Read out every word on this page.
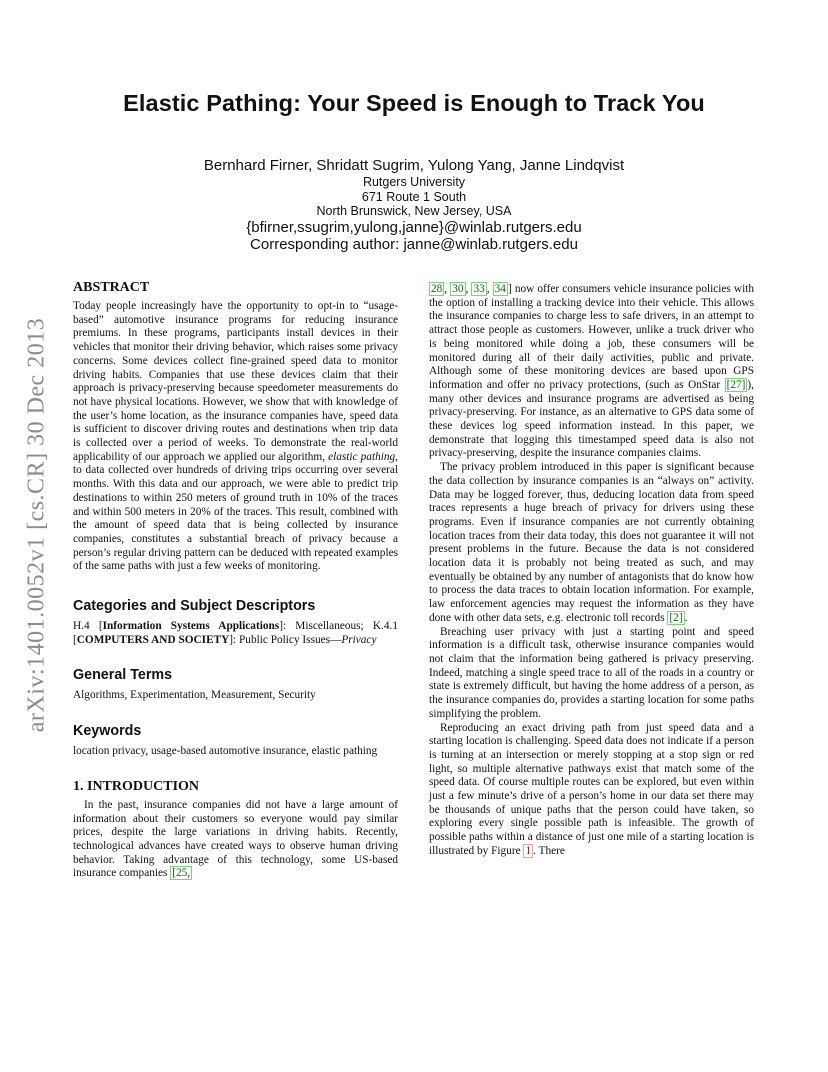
Elastic Pathing: Your Speed is Enough to Track You
Bernhard Firner, Shridatt Sugrim, Yulong Yang, Janne Lindqvist
Rutgers University
671 Route 1 South
North Brunswick, New Jersey, USA
{bfirner,ssugrim,yulong,janne}@winlab.rutgers.edu
Corresponding author: janne@winlab.rutgers.edu
arXiv:1401.0052v1 [cs.CR] 30 Dec 2013
ABSTRACT

Today people increasingly have the opportunity to opt-in to “usage-based” automotive insurance programs for reducing insurance premiums. In these programs, participants install devices in their vehicles that monitor their driving behavior, which raises some privacy concerns. Some devices collect fine-grained speed data to monitor driving habits. Companies that use these devices claim that their approach is privacy-preserving because speedometer measurements do not have physical locations. However, we show that with knowledge of the user’s home location, as the insurance companies have, speed data is sufficient to discover driving routes and destinations when trip data is collected over a period of weeks. To demonstrate the real-world applicability of our approach we applied our algorithm, elastic pathing, to data collected over hundreds of driving trips occurring over several months. With this data and our approach, we were able to predict trip destinations to within 250 meters of ground truth in 10% of the traces and within 500 meters in 20% of the traces. This result, combined with the amount of speed data that is being collected by insurance companies, constitutes a substantial breach of privacy because a person’s regular driving pattern can be deduced with repeated examples of the same paths with just a few weeks of monitoring.

Categories and Subject Descriptors

H.4 [Information Systems Applications]: Miscellaneous; K.4.1 [COMPUTERS AND SOCIETY]: Public Policy Issues—Privacy

General Terms

Algorithms, Experimentation, Measurement, Security

Keywords

location privacy, usage-based automotive insurance, elastic pathing

1. INTRODUCTION

In the past, insurance companies did not have a large amount of information about their customers so everyone would pay similar prices, despite the large variations in driving habits. Recently, technological advances have created ways to observe human driving behavior. Taking advantage of this technology, some US-based insurance companies [25,

28 , 30 , 33 , 34 ] now offer consumers vehicle insurance policies with the option of installing a tracking device into their vehicle. This allows the insurance companies to charge less to safe drivers, in an attempt to attract those people as customers. However, unlike a truck driver who is being monitored while doing a job, these consumers will be monitored during all of their daily activities, public and private. Although some of these monitoring devices are based upon GPS information and offer no privacy protections, (such as OnStar [27] ), many other devices and insurance programs are advertised as being privacy-preserving. For instance, as an alternative to GPS data some of these devices log speed information instead. In this paper, we demonstrate that logging this timestamped speed data is also not privacy-preserving, despite the insurance companies claims.

The privacy problem introduced in this paper is significant because the data collection by insurance companies is an “always on” activity. Data may be logged forever, thus, deducing location data from speed traces represents a huge breach of privacy for drivers using these programs. Even if insurance companies are not currently obtaining location traces from their data today, this does not guarantee it will not present problems in the future. Because the data is not considered location data it is probably not being treated as such, and may eventually be obtained by any number of antagonists that do know how to process the data traces to obtain location information. For example, law enforcement agencies may request the information as they have done with other data sets, e.g. electronic toll records [2] .

Breaching user privacy with just a starting point and speed information is a difficult task, otherwise insurance companies would not claim that the information being gathered is privacy preserving. Indeed, matching a single speed trace to all of the roads in a country or state is extremely difficult, but having the home address of a person, as the insurance companies do, provides a starting location for some paths simplifying the problem.

Reproducing an exact driving path from just speed data and a starting location is challenging. Speed data does not indicate if a person is turning at an intersection or merely stopping at a stop sign or red light, so multiple alternative pathways exist that match some of the speed data. Of course multiple routes can be explored, but even within just a few minute’s drive of a person’s home in our data set there may be thousands of unique paths that the person could have taken, so exploring every single possible path is infeasible. The growth of possible paths within a distance of just one mile of a starting location is illustrated by Figure 1 . There
